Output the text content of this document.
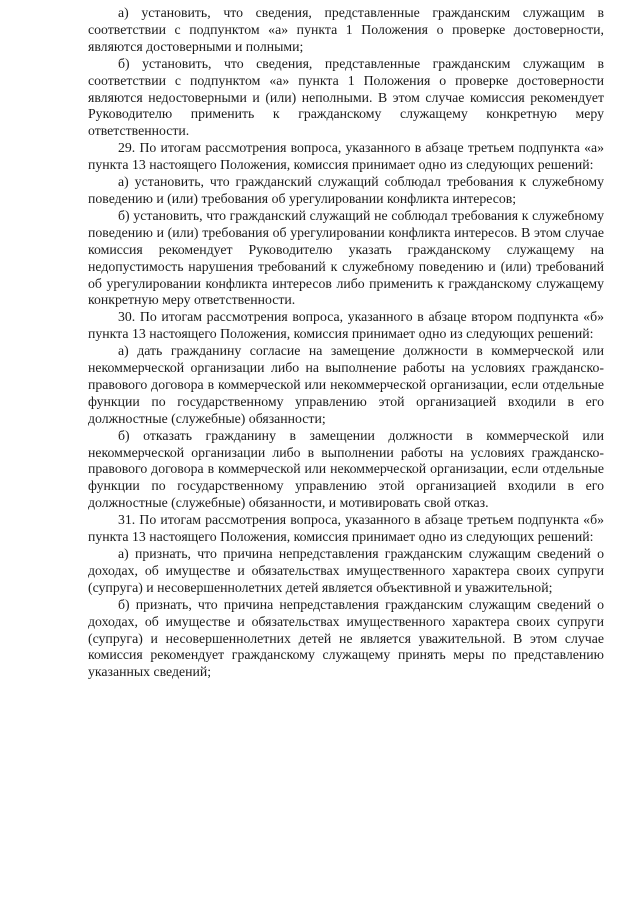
а) установить, что сведения, представленные гражданским служащим в соответствии с подпунктом «а» пункта 1 Положения о проверке достоверности, являются достоверными и полными;

б) установить, что сведения, представленные гражданским служащим в соответствии с подпунктом «а» пункта 1 Положения о проверке достоверности являются недостоверными и (или) неполными. В этом случае комиссия рекомендует Руководителю применить к гражданскому служащему конкретную меру ответственности.

29. По итогам рассмотрения вопроса, указанного в абзаце третьем подпункта «а» пункта 13 настоящего Положения, комиссия принимает одно из следующих решений:

а) установить, что гражданский служащий соблюдал требования к служебному поведению и (или) требования об урегулировании конфликта интересов;

б) установить, что гражданский служащий не соблюдал требования к служебному поведению и (или) требования об урегулировании конфликта интересов. В этом случае комиссия рекомендует Руководителю указать гражданскому служащему на недопустимость нарушения требований к служебному поведению и (или) требований об урегулировании конфликта интересов либо применить к гражданскому служащему конкретную меру ответственности.

30. По итогам рассмотрения вопроса, указанного в абзаце втором подпункта «б» пункта 13 настоящего Положения, комиссия принимает одно из следующих решений:

а) дать гражданину согласие на замещение должности в коммерческой или некоммерческой организации либо на выполнение работы на условиях гражданско-правового договора в коммерческой или некоммерческой организации, если отдельные функции по государственному управлению этой организацией входили в его должностные (служебные) обязанности;

б) отказать гражданину в замещении должности в коммерческой или некоммерческой организации либо в выполнении работы на условиях гражданско-правового договора в коммерческой или некоммерческой организации, если отдельные функции по государственному управлению этой организацией входили в его должностные (служебные) обязанности, и мотивировать свой отказ.

31. По итогам рассмотрения вопроса, указанного в абзаце третьем подпункта «б» пункта 13 настоящего Положения, комиссия принимает одно из следующих решений:

а) признать, что причина непредставления гражданским служащим сведений о доходах, об имуществе и обязательствах имущественного характера своих супруги (супруга) и несовершеннолетних детей является объективной и уважительной;

б) признать, что причина непредставления гражданским служащим сведений о доходах, об имуществе и обязательствах имущественного характера своих супруги (супруга) и несовершеннолетних детей не является уважительной. В этом случае комиссия рекомендует гражданскому служащему принять меры по представлению указанных сведений;
